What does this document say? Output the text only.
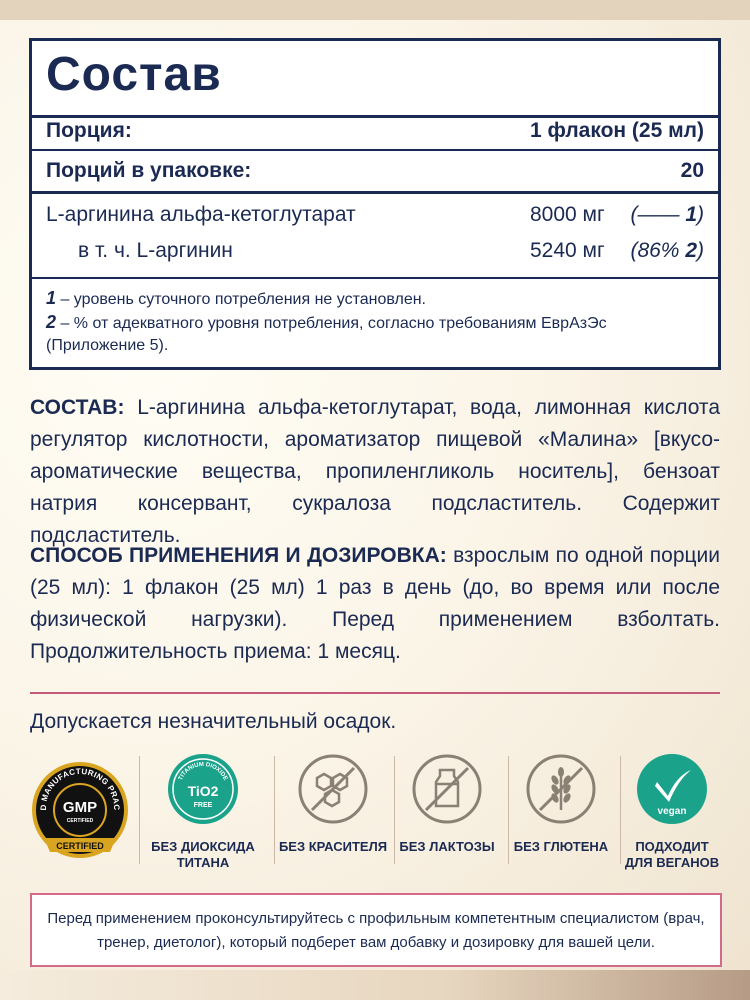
Состав
Порция:	1 флакон (25 мл)
Порций в упаковке:	20
L-аргинина альфа-кетоглутарат	8000 мг (—— 1)
в т. ч. L-аргинин	5240 мг (86% 2)
1 – уровень суточного потребления не установлен.
2 – % от адекватного уровня потребления, согласно требованиям ЕврАзЭс
(Приложение 5).
СОСТАВ: L-аргинина альфа-кетоглутарат, вода, лимонная кислота регулятор кислотности, ароматизатор пищевой «Малина» [вкусо-ароматические вещества, пропиленгликоль носитель], бензоат натрия консервант, сукралоза подсластитель. Содержит подсластитель.
СПОСОБ ПРИМЕНЕНИЯ И ДОЗИРОВКА: взрослым по одной порции (25 мл): 1 флакон (25 мл) 1 раз в день (до, во время или после физической нагрузки). Перед применением взболтать. Продолжительность приема: 1 месяц.
Допускается незначительный осадок.
D MANUFACTURING PRAC
GMP
CERTIFIED
CERTIFIED
TITANIUM DIOXIDE
TiO2
FREE
БЕЗ ДИОКСИДА ТИТАНА
БЕЗ КРАСИТЕЛЯ БЕЗ ЛАКТОЗЫ	БЕЗ ГЛЮТЕНА
vegan
ПОДХОДИТ ДЛЯ ВЕГАНОВ
Перед применением проконсультируйтесь с профильным компетентным специалистом (врач, тренер, диетолог), который подберет вам добавку и дозировку для вашей цели.
